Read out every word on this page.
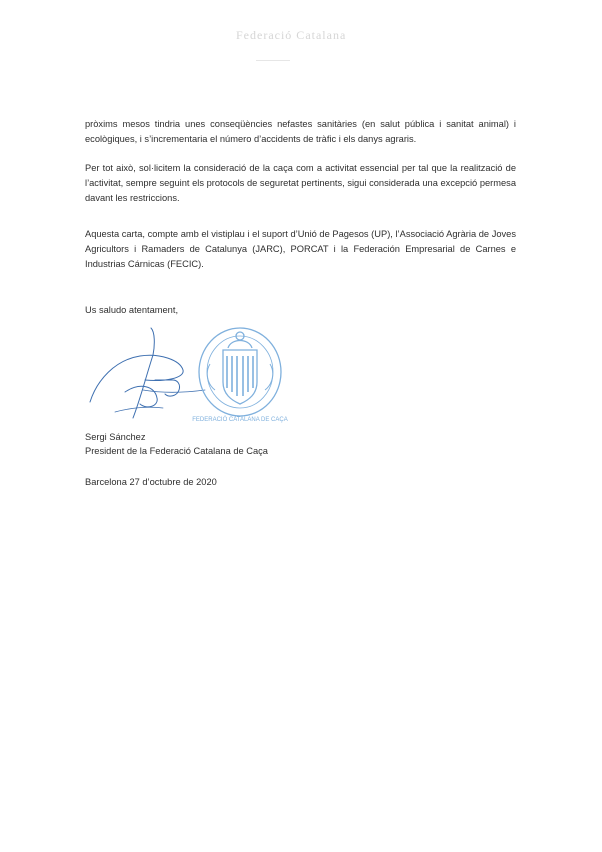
Federació Catalana
pròxims mesos tindria unes conseqüències nefastes sanitàries (en salut pública i sanitat animal) i ecològiques, i s’incrementaria el número d’accidents de tràfic i els danys agraris.
Per tot això, sol·licitem la consideració de la caça com a activitat essencial per tal que la realització de l’activitat, sempre seguint els protocols de seguretat pertinents, sigui considerada una excepció permesa davant les restriccions.
Aquesta carta, compte amb el vistiplau i el suport d’Unió de Pagesos (UP), l’Associació Agrària de Joves Agricultors i Ramaders de Catalunya (JARC), PORCAT i la Federación Empresarial de Carnes e Industrias Cárnicas (FECIC).
Us saludo atentament,
FEDERACIÓ CATALANA DE CAÇA
Sergi Sánchez
President de la Federació Catalana de Caça
Barcelona 27 d’octubre de 2020
